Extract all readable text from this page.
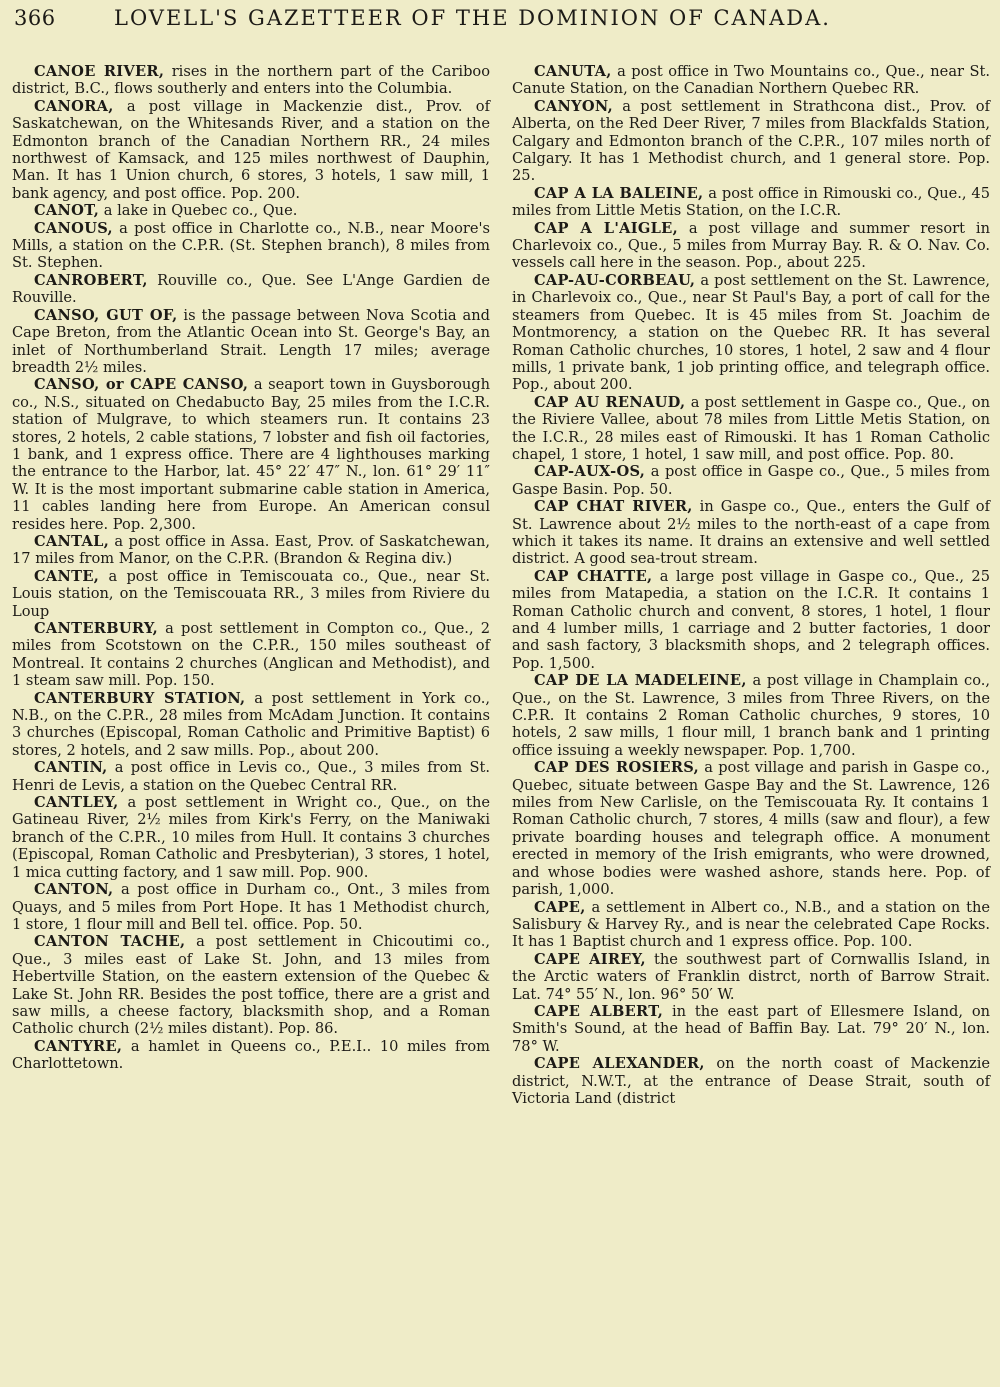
366	LOVELL'S GAZETTEER OF THE DOMINION OF CANADA.

CANOE RIVER, rises in the northern part of the Cariboo district, B.C., flows southerly and enters into the Columbia.

CANORA, a post village in Mackenzie dist., Prov. of Saskatchewan, on the Whitesands River, and a station on the Edmonton branch of the Canadian Northern RR., 24 miles northwest of Kamsack, and 125 miles northwest of Dauphin, Man. It has 1 Union church, 6 stores, 3 hotels, 1 saw mill, 1 bank agency, and post office. Pop. 200.

CANOT, a lake in Quebec co., Que.

CANOUS, a post office in Charlotte co., N.B., near Moore's Mills, a station on the C.P.R. (St. Stephen branch), 8 miles from St. Stephen.

CANROBERT, Rouville co., Que. See L'Ange Gardien de Rouville.

CANSO, GUT OF, is the passage between Nova Scotia and Cape Breton, from the Atlantic Ocean into St. George's Bay, an inlet of Northumberland Strait. Length 17 miles; average breadth 2½ miles.

CANSO, or CAPE CANSO, a seaport town in Guysborough co., N.S., situated on Chedabucto Bay, 25 miles from the I.C.R. station of Mulgrave, to which steamers run. It contains 23 stores, 2 hotels, 2 cable stations, 7 lobster and fish oil factories, 1 bank, and 1 express office. There are 4 lighthouses marking the entrance to the Harbor, lat. 45° 22′ 47″ N., lon. 61° 29′ 11″ W. It is the most important submarine cable station in America, 11 cables landing here from Europe. An American consul resides here. Pop. 2,300.

CANTAL, a post office in Assa. East, Prov. of Saskatchewan, 17 miles from Manor, on the C.P.R. (Brandon & Regina div.)

CANTE, a post office in Temiscouata co., Que., near St. Louis station, on the Temiscouata RR., 3 miles from Riviere du Loup

CANTERBURY, a post settlement in Compton co., Que., 2 miles from Scotstown on the C.P.R., 150 miles southeast of Montreal. It contains 2 churches (Anglican and Methodist), and 1 steam saw mill. Pop. 150.

CANTERBURY STATION, a post settlement in York co., N.B., on the C.P.R., 28 miles from McAdam Junction. It contains 3 churches (Episcopal, Roman Catholic and Primitive Baptist) 6 stores, 2 hotels, and 2 saw mills. Pop., about 200.

CANTIN, a post office in Levis co., Que., 3 miles from St. Henri de Levis, a station on the Quebec Central RR.

CANTLEY, a post settlement in Wright co., Que., on the Gatineau River, 2½ miles from Kirk's Ferry, on the Maniwaki branch of the C.P.R., 10 miles from Hull. It contains 3 churches (Episcopal, Roman Catholic and Presbyterian), 3 stores, 1 hotel, 1 mica cutting factory, and 1 saw mill. Pop. 900.

CANTON, a post office in Durham co., Ont., 3 miles from Quays, and 5 miles from Port Hope. It has 1 Methodist church, 1 store, 1 flour mill and Bell tel. office. Pop. 50.

CANTON TACHE, a post settlement in Chicoutimi co., Que., 3 miles east of Lake St. John, and 13 miles from Hebertville Station, on the eastern extension of the Quebec & Lake St. John RR. Besides the post toffice, there are a grist and saw mills, a cheese factory, blacksmith shop, and a Roman Catholic church (2½ miles distant). Pop. 86.

CANTYRE, a hamlet in Queens co., P.E.I.. 10 miles from Charlottetown.

CANUTA, a post office in Two Mountains co., Que., near St. Canute Station, on the Canadian Northern Quebec RR.

CANYON, a post settlement in Strathcona dist., Prov. of Alberta, on the Red Deer River, 7 miles from Blackfalds Station, Calgary and Edmonton branch of the C.P.R., 107 miles north of Calgary. It has 1 Methodist church, and 1 general store. Pop. 25.

CAP A LA BALEINE, a post office in Rimouski co., Que., 45 miles from Little Metis Station, on the I.C.R.

CAP A L'AIGLE, a post village and summer resort in Charlevoix co., Que., 5 miles from Murray Bay. R. & O. Nav. Co. vessels call here in the season. Pop., about 225.

CAP-AU-CORBEAU, a post settlement on the St. Lawrence, in Charlevoix co., Que., near St Paul's Bay, a port of call for the steamers from Quebec. It is 45 miles from St. Joachim de Montmorency, a station on the Quebec RR. It has several Roman Catholic churches, 10 stores, 1 hotel, 2 saw and 4 flour mills, 1 private bank, 1 job printing office, and telegraph office. Pop., about 200.

CAP AU RENAUD, a post settlement in Gaspe co., Que., on the Riviere Vallee, about 78 miles from Little Metis Station, on the I.C.R., 28 miles east of Rimouski. It has 1 Roman Catholic chapel, 1 store, 1 hotel, 1 saw mill, and post office. Pop. 80.

CAP-AUX-OS, a post office in Gaspe co., Que., 5 miles from Gaspe Basin. Pop. 50.

CAP CHAT RIVER, in Gaspe co., Que., enters the Gulf of St. Lawrence about 2½ miles to the north-east of a cape from which it takes its name. It drains an extensive and well settled district. A good sea-trout stream.

CAP CHATTE, a large post village in Gaspe co., Que., 25 miles from Matapedia, a station on the I.C.R. It contains 1 Roman Catholic church and convent, 8 stores, 1 hotel, 1 flour and 4 lumber mills, 1 carriage and 2 butter factories, 1 door and sash factory, 3 blacksmith shops, and 2 telegraph offices. Pop. 1,500.

CAP DE LA MADELEINE, a post village in Champlain co., Que., on the St. Lawrence, 3 miles from Three Rivers, on the C.P.R. It contains 2 Roman Catholic churches, 9 stores, 10 hotels, 2 saw mills, 1 flour mill, 1 branch bank and 1 printing office issuing a weekly newspaper. Pop. 1,700.

CAP DES ROSIERS, a post village and parish in Gaspe co., Quebec, situate between Gaspe Bay and the St. Lawrence, 126 miles from New Carlisle, on the Temiscouata Ry. It contains 1 Roman Catholic church, 7 stores, 4 mills (saw and flour), a few private boarding houses and telegraph office. A monument erected in memory of the Irish emigrants, who were drowned, and whose bodies were washed ashore, stands here. Pop. of parish, 1,000.

CAPE, a settlement in Albert co., N.B., and a station on the Salisbury & Harvey Ry., and is near the celebrated Cape Rocks. It has 1 Baptist church and 1 express office. Pop. 100.

CAPE AIREY, the southwest part of Cornwallis Island, in the Arctic waters of Franklin distrct, north of Barrow Strait. Lat. 74° 55′ N., lon. 96° 50′ W.

CAPE ALBERT, in the east part of Ellesmere Island, on Smith's Sound, at the head of Baffin Bay. Lat. 79° 20′ N., lon. 78° W.

CAPE ALEXANDER, on the north coast of Mackenzie district, N.W.T., at the entrance of Dease Strait, south of Victoria Land (district
